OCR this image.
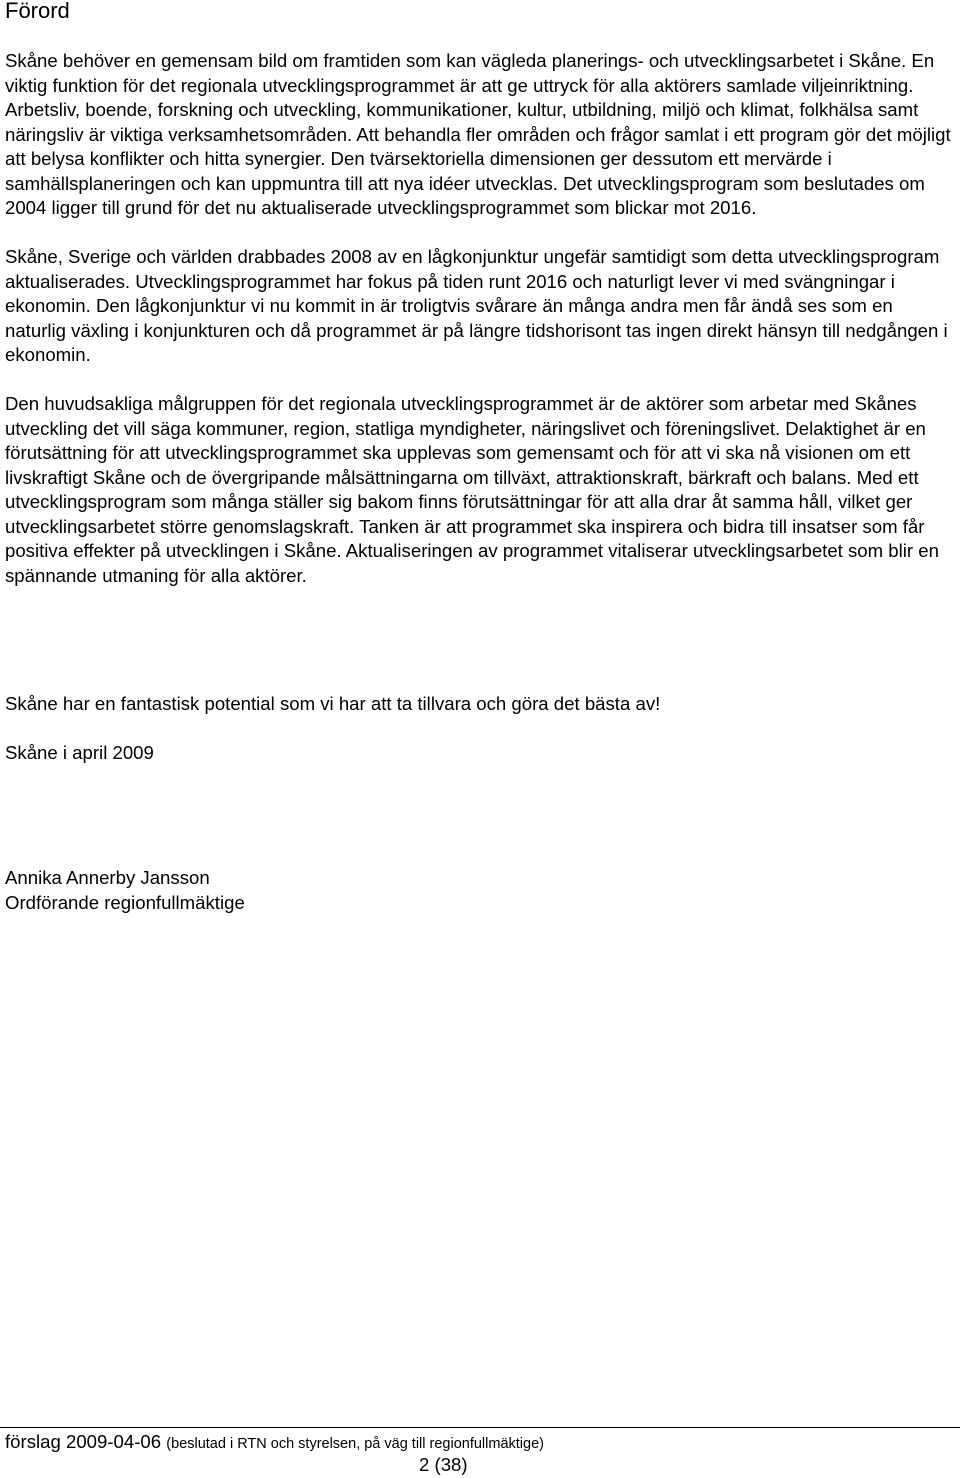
Förord

Skåne behöver en gemensam bild om framtiden som kan vägleda planerings- och utvecklingsarbetet i Skåne. En viktig funktion för det regionala utvecklingsprogrammet är att ge uttryck för alla aktörers samlade viljeinriktning. Arbetsliv, boende, forskning och utveckling, kommunikationer, kultur, utbildning, miljö och klimat, folkhälsa samt näringsliv är viktiga verksamhetsområden. Att behandla fler områden och frågor samlat i ett program gör det möjligt att belysa konflikter och hitta synergier. Den tvärsektoriella dimensionen ger dessutom ett mervärde i samhällsplaneringen och kan uppmuntra till att nya idéer utvecklas. Det utvecklingsprogram som beslutades om 2004 ligger till grund för det nu aktualiserade utvecklingsprogrammet som blickar mot 2016.

Skåne, Sverige och världen drabbades 2008 av en lågkonjunktur ungefär samtidigt som detta utvecklingsprogram aktualiserades. Utvecklingsprogrammet har fokus på tiden runt 2016 och naturligt lever vi med svängningar i ekonomin. Den lågkonjunktur vi nu kommit in är troligtvis svårare än många andra men får ändå ses som en naturlig växling i konjunkturen och då programmet är på längre tidshorisont tas ingen direkt hänsyn till nedgången i ekonomin.

Den huvudsakliga målgruppen för det regionala utvecklingsprogrammet är de aktörer som arbetar med Skånes utveckling det vill säga kommuner, region, statliga myndigheter, näringslivet och föreningslivet. Delaktighet är en förutsättning för att utvecklingsprogrammet ska upplevas som gemensamt och för att vi ska nå visionen om ett livskraftigt Skåne och de övergripande målsättningarna om tillväxt, attraktionskraft, bärkraft och balans. Med ett utvecklingsprogram som många ställer sig bakom finns förutsättningar för att alla drar åt samma håll, vilket ger utvecklingsarbetet större genomslagskraft. Tanken är att programmet ska inspirera och bidra till insatser som får positiva effekter på utvecklingen i Skåne. Aktualiseringen av programmet vitaliserar utvecklingsarbetet som blir en spännande utmaning för alla aktörer.

Skåne har en fantastisk potential som vi har att ta tillvara och göra det bästa av!

Skåne i april 2009

Annika Annerby Jansson
Ordförande regionfullmäktige
förslag 2009-04-06 (beslutad i RTN och styrelsen, på väg till regionfullmäktige)
2 (38)
